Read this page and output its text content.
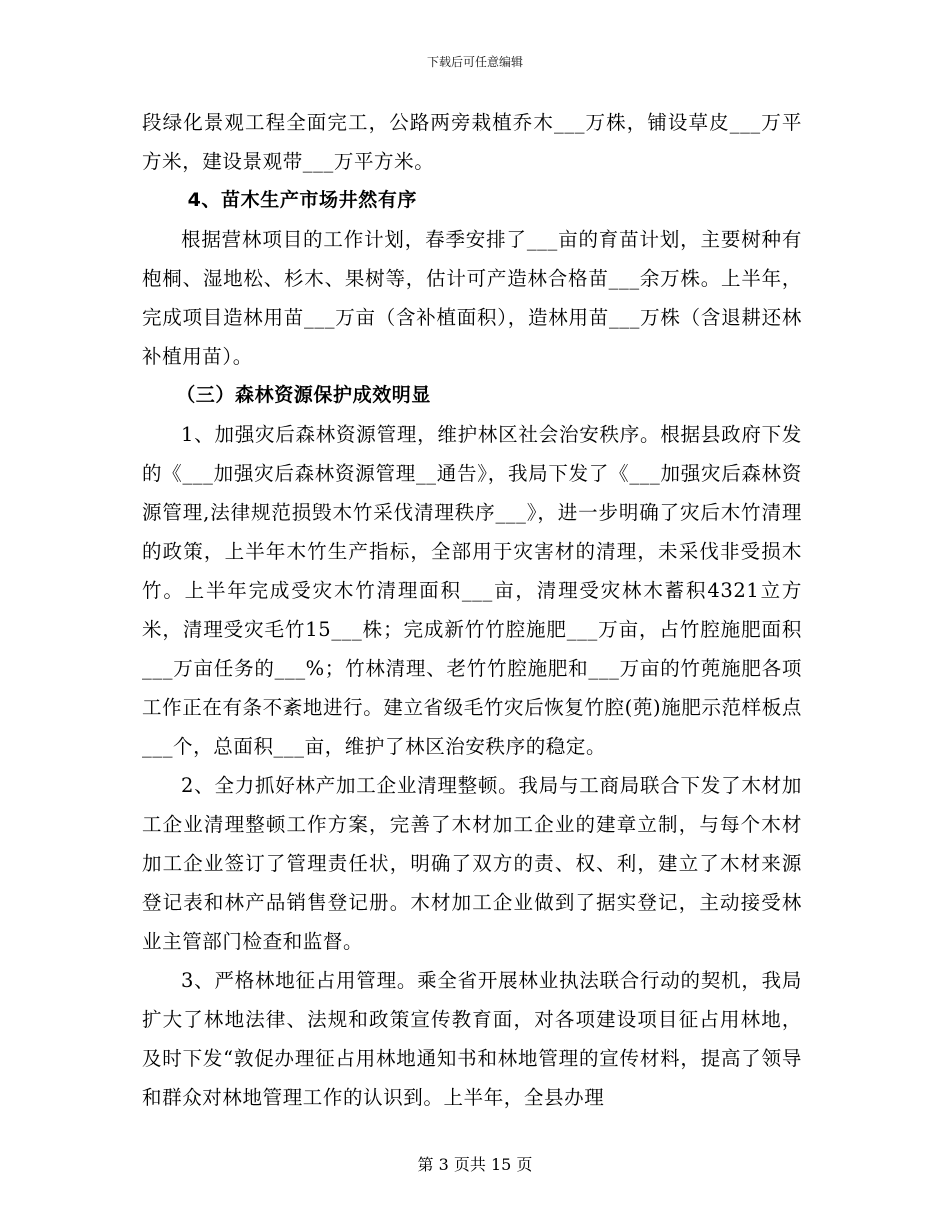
下载后可任意编辑

段绿化景观工程全面完工，公路两旁栽植乔木___万株，铺设草皮___万平方米，建设景观带___万平方米。

4、苗木生产市场井然有序

根据营林项目的工作计划，春季安排了___亩的育苗计划，主要树种有枹桐、湿地松、杉木、果树等，估计可产造林合格苗___余万株。上半年，完成项目造林用苗___万亩（含补植面积），造林用苗___万株（含退耕还林补植用苗）。

（三）森林资源保护成效明显

1、加强灾后森林资源管理，维护林区社会治安秩序。根据县政府下发的《___加强灾后森林资源管理__通告》，我局下发了《___加强灾后森林资源管理,法律规范损毁木竹采伐清理秩序___》，进一步明确了灾后木竹清理的政策，上半年木竹生产指标，全部用于灾害材的清理，未采伐非受损木竹。上半年完成受灾木竹清理面积___亩，清理受灾林木蓄积4321立方米，清理受灾毛竹15___株；完成新竹竹腔施肥___万亩，占竹腔施肥面积___万亩任务的___%；竹林清理、老竹竹腔施肥和___万亩的竹蔸施肥各项工作正在有条不紊地进行。建立省级毛竹灾后恢复竹腔(蔸)施肥示范样板点___个，总面积___亩，维护了林区治安秩序的稳定。

2、全力抓好林产加工企业清理整顿。我局与工商局联合下发了木材加工企业清理整顿工作方案，完善了木材加工企业的建章立制，与每个木材加工企业签订了管理责任状，明确了双方的责、权、利，建立了木材来源登记表和林产品销售登记册。木材加工企业做到了据实登记，主动接受林业主管部门检查和监督。

3、严格林地征占用管理。乘全省开展林业执法联合行动的契机，我局扩大了林地法律、法规和政策宣传教育面，对各项建设项目征占用林地，及时下发“敦促办理征占用林地通知书和林地管理的宣传材料，提高了领导和群众对林地管理工作的认识到。上半年，全县办理

第 3 页共 15 页
